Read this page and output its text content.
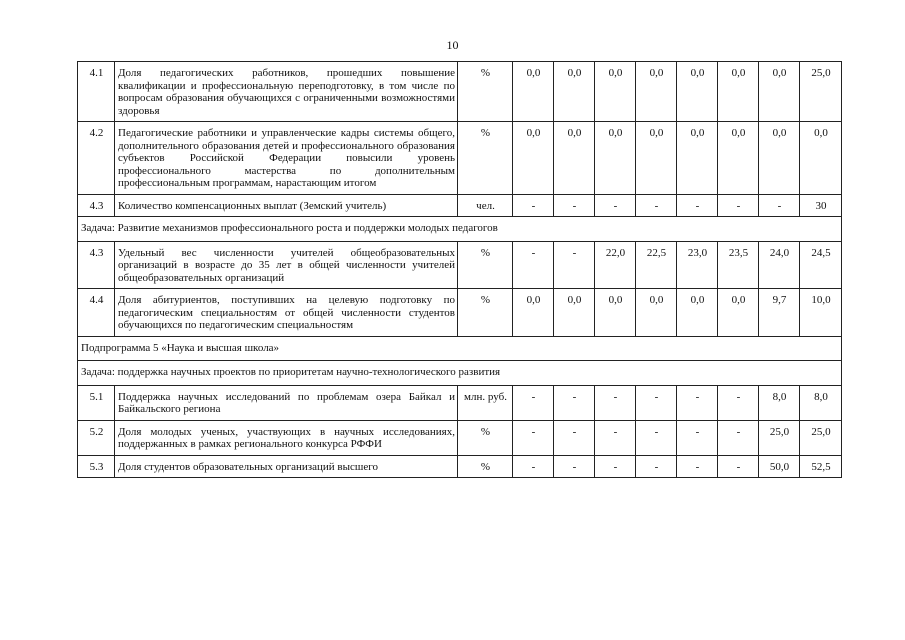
10
4.1	Доля педагогических работников, прошедших повышение квалификации и профессиональную переподготовку, в том числе по вопросам образования обучающихся с ограниченными возможностями здоровья	%	0,0	0,0	0,0	0,0	0,0	0,0	0,0	25,0
4.2	Педагогические работники и управленческие кадры системы общего, дополнительного образования детей и профессионального образования субъектов Российской Федерации повысили уровень профессионального мастерства по дополнительным профессиональным программам, нарастающим итогом	%	0,0	0,0	0,0	0,0	0,0	0,0	0,0	0,0
4.3	Количество компенсационных выплат (Земский учитель)	чел.	-	-	-	-	-	-	-	30
Задача: Развитие механизмов профессионального роста и поддержки молодых педагогов										
4.3	Удельный вес численности учителей общеобразовательных организаций в возрасте до 35 лет в общей численности учителей общеобразовательных организаций	%	-	-	22,0	22,5	23,0	23,5	24,0	24,5
4.4	Доля абитуриентов, поступивших на целевую подготовку по педагогическим специальностям от общей численности студентов обучающихся по педагогическим специальностям	%	0,0	0,0	0,0	0,0	0,0	0,0	9,7	10,0
Подпрограмма 5 «Наука и высшая школа»										
Задача: поддержка научных проектов по приоритетам научно-технологического развития										
5.1	Поддержка научных исследований по проблемам озера Байкал и Байкальского региона	млн. руб.	-	-	-	-	-	-	8,0	8,0
5.2	Доля молодых ученых, участвующих в научных исследованиях, поддержанных в рамках регионального конкурса РФФИ	%	-	-	-	-	-	-	25,0	25,0
5.3	Доля студентов образовательных организаций высшего	%	-	-	-	-	-	-	50,0	52,5
